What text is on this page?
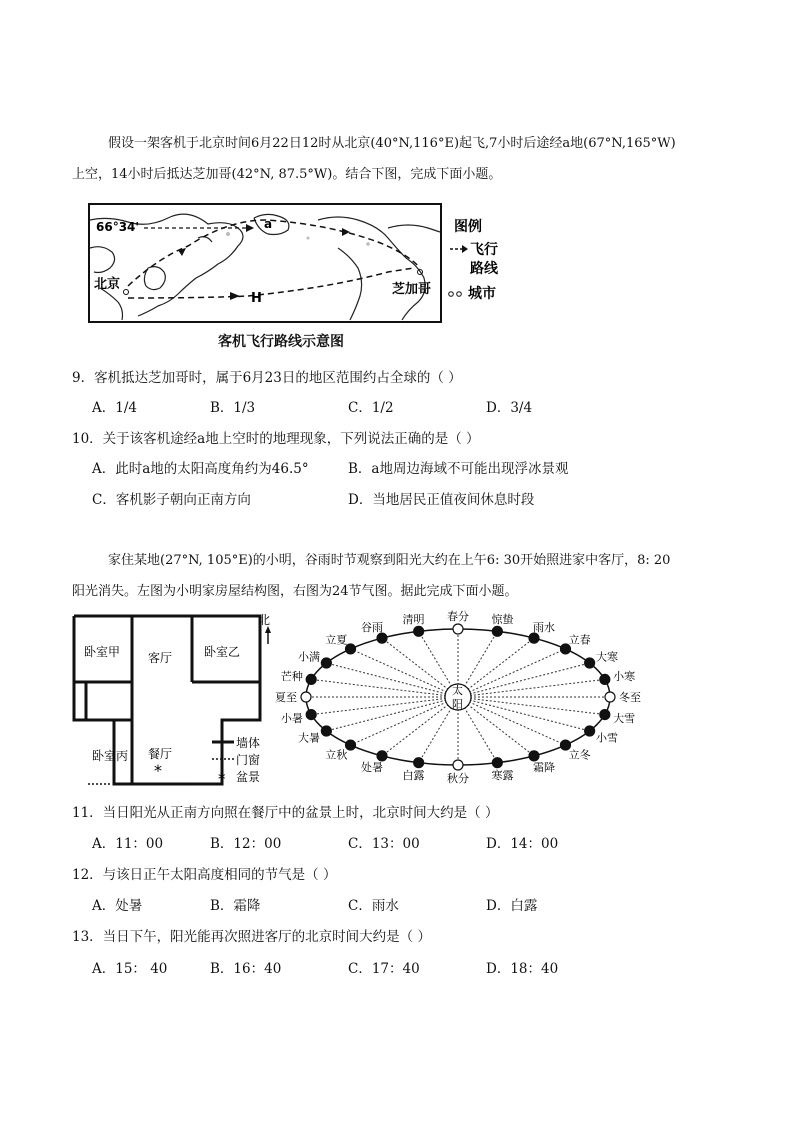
假设一架客机于北京时间6月22日12时从北京(40°N,116°E)起飞,7小时后途经a地(67°N,165°W)
上空，14小时后抵达芝加哥(42°N, 87.5°W)。结合下图，完成下面小题。
66°34'	a
北京
H
芝加哥
图例
飞行
路线
城市
客机飞行路线示意图
9．客机抵达芝加哥时，属于6月23日的地区范围约占全球的（ ）
A．1/4	B．1/3	C．1/2	D．3/4
10．关于该客机途经a地上空时的地理现象，下列说法正确的是（ ）
A．此时a地的太阳高度角约为46.5°	B．a地周边海域不可能出现浮冰景观
C．客机影子朝向正南方向	D．当地居民正值夜间休息时段
家住某地(27°N, 105°E)的小明，谷雨时节观察到阳光大约在上午6: 30开始照进家中客厅，8: 20
阳光消失。左图为小明家房屋结构图，右图为24节气图。据此完成下面小题。
卧室甲 客厅	卧室乙
卧室丙 餐厅
*
北
墙体
门窗
* 盆景
太
阳
春分 惊蛰
雨水
立春
大寒
小寒
冬至
大雪
小雪
立冬
霜降
寒露
秋分
白露
处暑
立秋
大暑
小暑
夏至
芒种
小满
立夏
谷雨
清明
11．当日阳光从正南方向照在餐厅中的盆景上时，北京时间大约是（ ）
A．11：00	B．12：00	C．13：00	D．14：00
12．与该日正午太阳高度相同的节气是（ ）
A．处暑	B．霜降	C．雨水	D．白露
13．当日下午，阳光能再次照进客厅的北京时间大约是（ ）
A．15： 40	B．16：40	C．17：40	D．18：40
